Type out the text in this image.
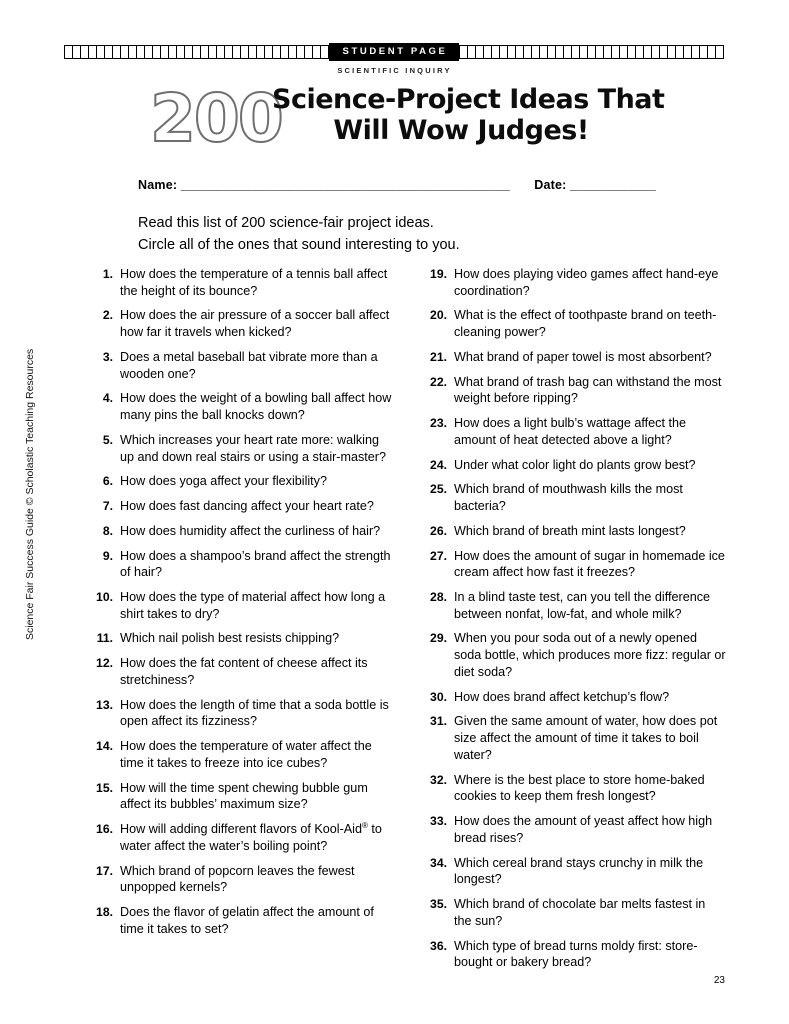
STUDENT PAGE
SCIENTIFIC INQUIRY
200
Science-Project Ideas That
Will Wow Judges!
Name: ______________________________________________ Date: ____________
Read this list of 200 science-fair project ideas.
Circle all of the ones that sound interesting to you.
Science Fair Success Guide © Scholastic Teaching Resources
1. How does the temperature of a tennis ball affect the height of its bounce?
2. How does the air pressure of a soccer ball affect how far it travels when kicked?
3. Does a metal baseball bat vibrate more than a wooden one?
4. How does the weight of a bowling ball affect how many pins the ball knocks down?
5. Which increases your heart rate more: walking up and down real stairs or using a stair-master?
6. How does yoga affect your flexibility?
7. How does fast dancing affect your heart rate?
8. How does humidity affect the curliness of hair?
9. How does a shampoo’s brand affect the strength of hair?
10. How does the type of material affect how long a shirt takes to dry?
11. Which nail polish best resists chipping?
12. How does the fat content of cheese affect its stretchiness?
13. How does the length of time that a soda bottle is open affect its fizziness?
14. How does the temperature of water affect the time it takes to freeze into ice cubes?
15. How will the time spent chewing bubble gum affect its bubbles’ maximum size?
16. How will adding different flavors of Kool-Aid® to water affect the water’s boiling point?
17. Which brand of popcorn leaves the fewest unpopped kernels?
18. Does the flavor of gelatin affect the amount of time it takes to set?
19. How does playing video games affect hand-eye coordination?
20. What is the effect of toothpaste brand on teeth-cleaning power?
21. What brand of paper towel is most absorbent?
22. What brand of trash bag can withstand the most weight before ripping?
23. How does a light bulb’s wattage affect the amount of heat detected above a light?
24. Under what color light do plants grow best?
25. Which brand of mouthwash kills the most bacteria?
26. Which brand of breath mint lasts longest?
27. How does the amount of sugar in homemade ice cream affect how fast it freezes?
28. In a blind taste test, can you tell the difference between nonfat, low-fat, and whole milk?
29. When you pour soda out of a newly opened soda bottle, which produces more fizz: regular or diet soda?
30. How does brand affect ketchup’s flow?
31. Given the same amount of water, how does pot size affect the amount of time it takes to boil water?
32. Where is the best place to store home-baked cookies to keep them fresh longest?
33. How does the amount of yeast affect how high bread rises?
34. Which cereal brand stays crunchy in milk the longest?
35. Which brand of chocolate bar melts fastest in the sun?
36. Which type of bread turns moldy first: store-bought or bakery bread?
23
